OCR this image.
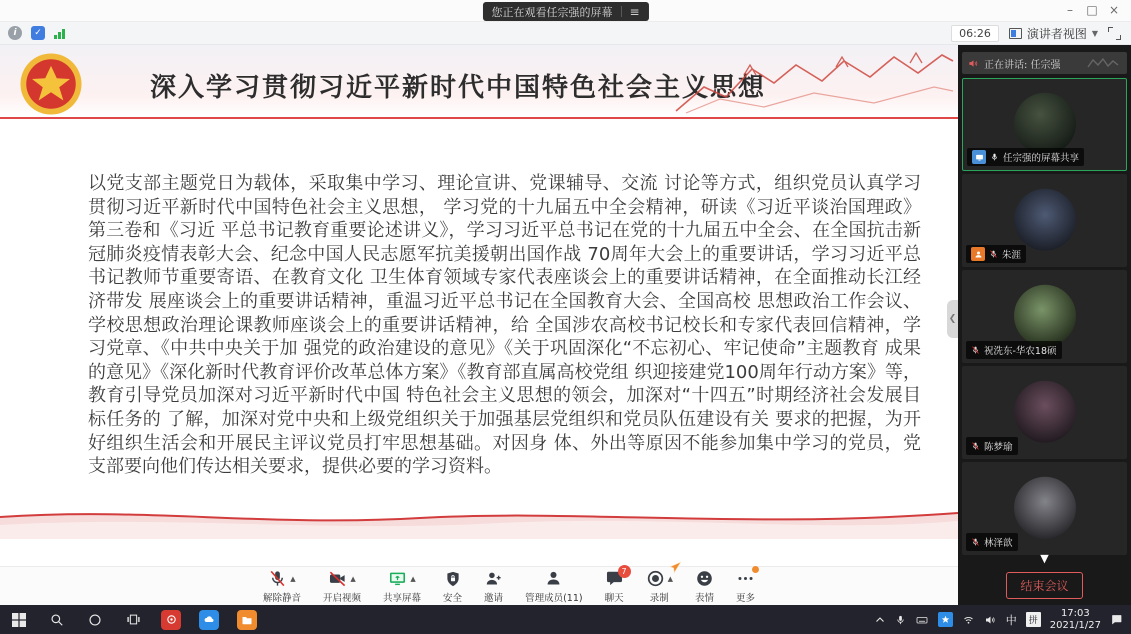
您正在观看任宗强的屏幕 ≡	–	□ ×
i	✓	06:26	演讲者视图 ▼
深入学习贯彻习近平新时代中国特色社会主义思想
以党支部主题党日为载体，采取集中学习、理论宣讲、党课辅导、交流 讨论等方式，组织党员认真学习贯彻习近平新时代中国特色社会主义思想， 学习党的十九届五中全会精神，研读《习近平谈治国理政》第三卷和《习近 平总书记教育重要论述讲义》，学习习近平总书记在党的十九届五中全会、在全国抗击新冠肺炎疫情表彰大会、纪念中国人民志愿军抗美援朝出国作战 70周年大会上的重要讲话，学习习近平总书记教师节重要寄语、在教育文化 卫生体育领域专家代表座谈会上的重要讲话精神，在全面推动长江经济带发 展座谈会上的重要讲话精神，重温习近平总书记在全国教育大会、全国高校 思想政治工作会议、学校思想政治理论课教师座谈会上的重要讲话精神，给 全国涉农高校书记校长和专家代表回信精神，学习党章、《中共中央关于加 强党的政治建设的意见》《关于巩固深化“不忘初心、牢记使命”主题教育 成果的意见》《深化新时代教育评价改革总体方案》《教育部直属高校党组 织迎接建党100周年行动方案》等，教育引导党员加深对习近平新时代中国 特色社会主义思想的领会，加深对“十四五”时期经济社会发展目标任务的 了解，加深对党中央和上级党组织关于加强基层党组织和党员队伍建设有关 要求的把握，为开好组织生活会和开展民主评议党员打牢思想基础。对因身 体、外出等原因不能参加集中学习的党员，党支部要向他们传达相关要求，提供必要的学习资料。
❮
正在讲话: 任宗强
任宗强的屏幕共享
朱涯
祝洗东-华农18硕
陈梦瑜
林泽歆
▼
▲
解除静音
▲
开启视频
▲
共享屏幕 安全 邀请 管理成员(11)
7
聊天
▲
录制	表情 更多
结束会议
中	拼
17:03
2021/1/27
